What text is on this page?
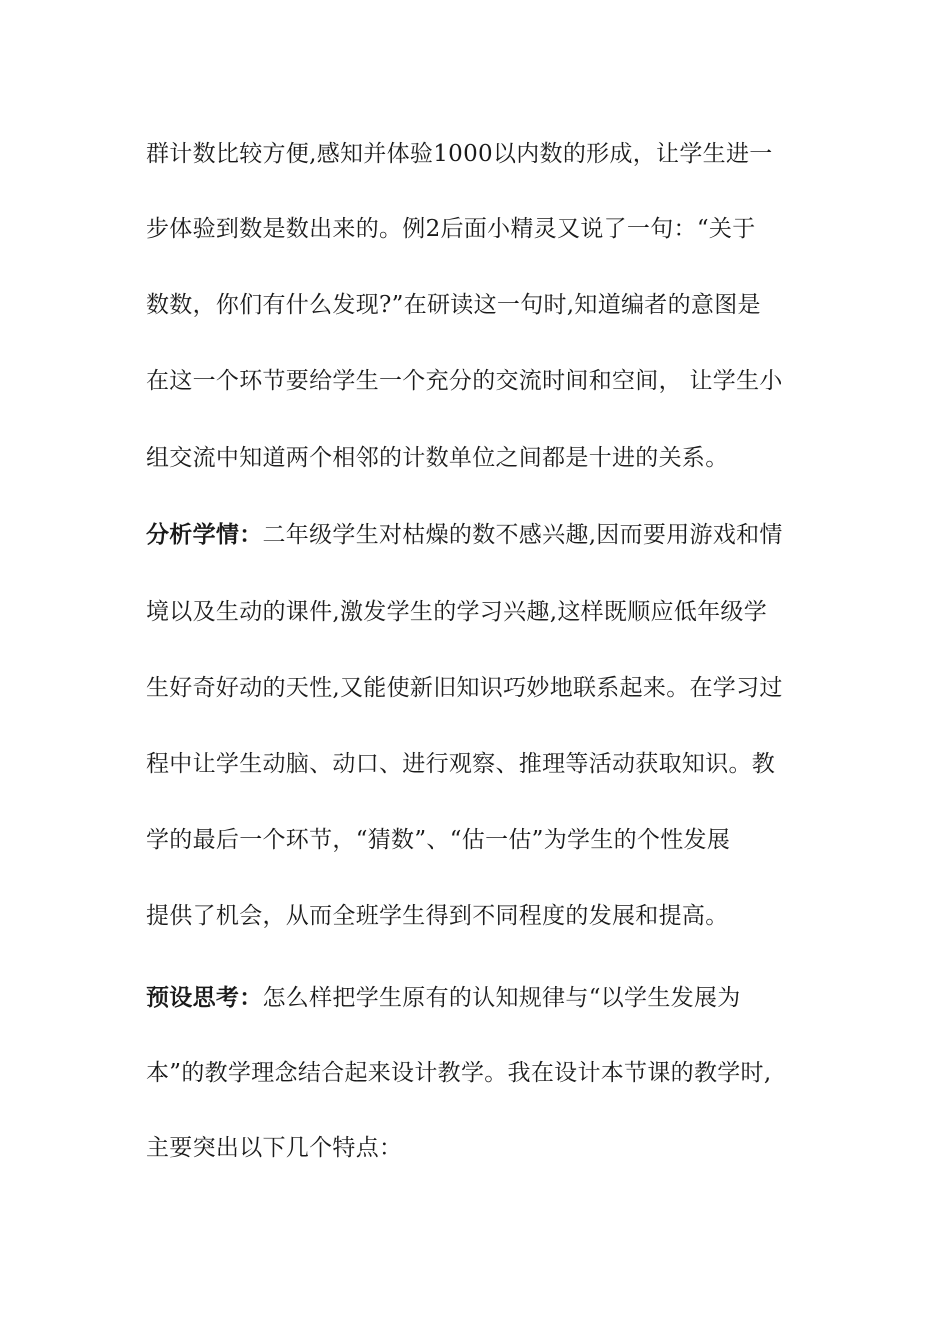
群计数比较方便,感知并体验1000以内数的形成，让学生进一
步体验到数是数出来的。例2后面小精灵又说了一句：“关于
数数，你们有什么发现?”在研读这一句时,知道编者的意图是
在这一个环节要给学生一个充分的交流时间和空间， 让学生小
组交流中知道两个相邻的计数单位之间都是十进的关系。
分析学情：二年级学生对枯燥的数不感兴趣,因而要用游戏和情
境以及生动的课件,激发学生的学习兴趣,这样既顺应低年级学
生好奇好动的天性,又能使新旧知识巧妙地联系起来。在学习过
程中让学生动脑、动口、进行观察、推理等活动获取知识。教
学的最后一个环节，“猜数”、“估一估”为学生的个性发展
提供了机会，从而全班学生得到不同程度的发展和提高。
预设思考：怎么样把学生原有的认知规律与“以学生发展为
本”的教学理念结合起来设计教学。我在设计本节课的教学时,
主要突出以下几个特点：
